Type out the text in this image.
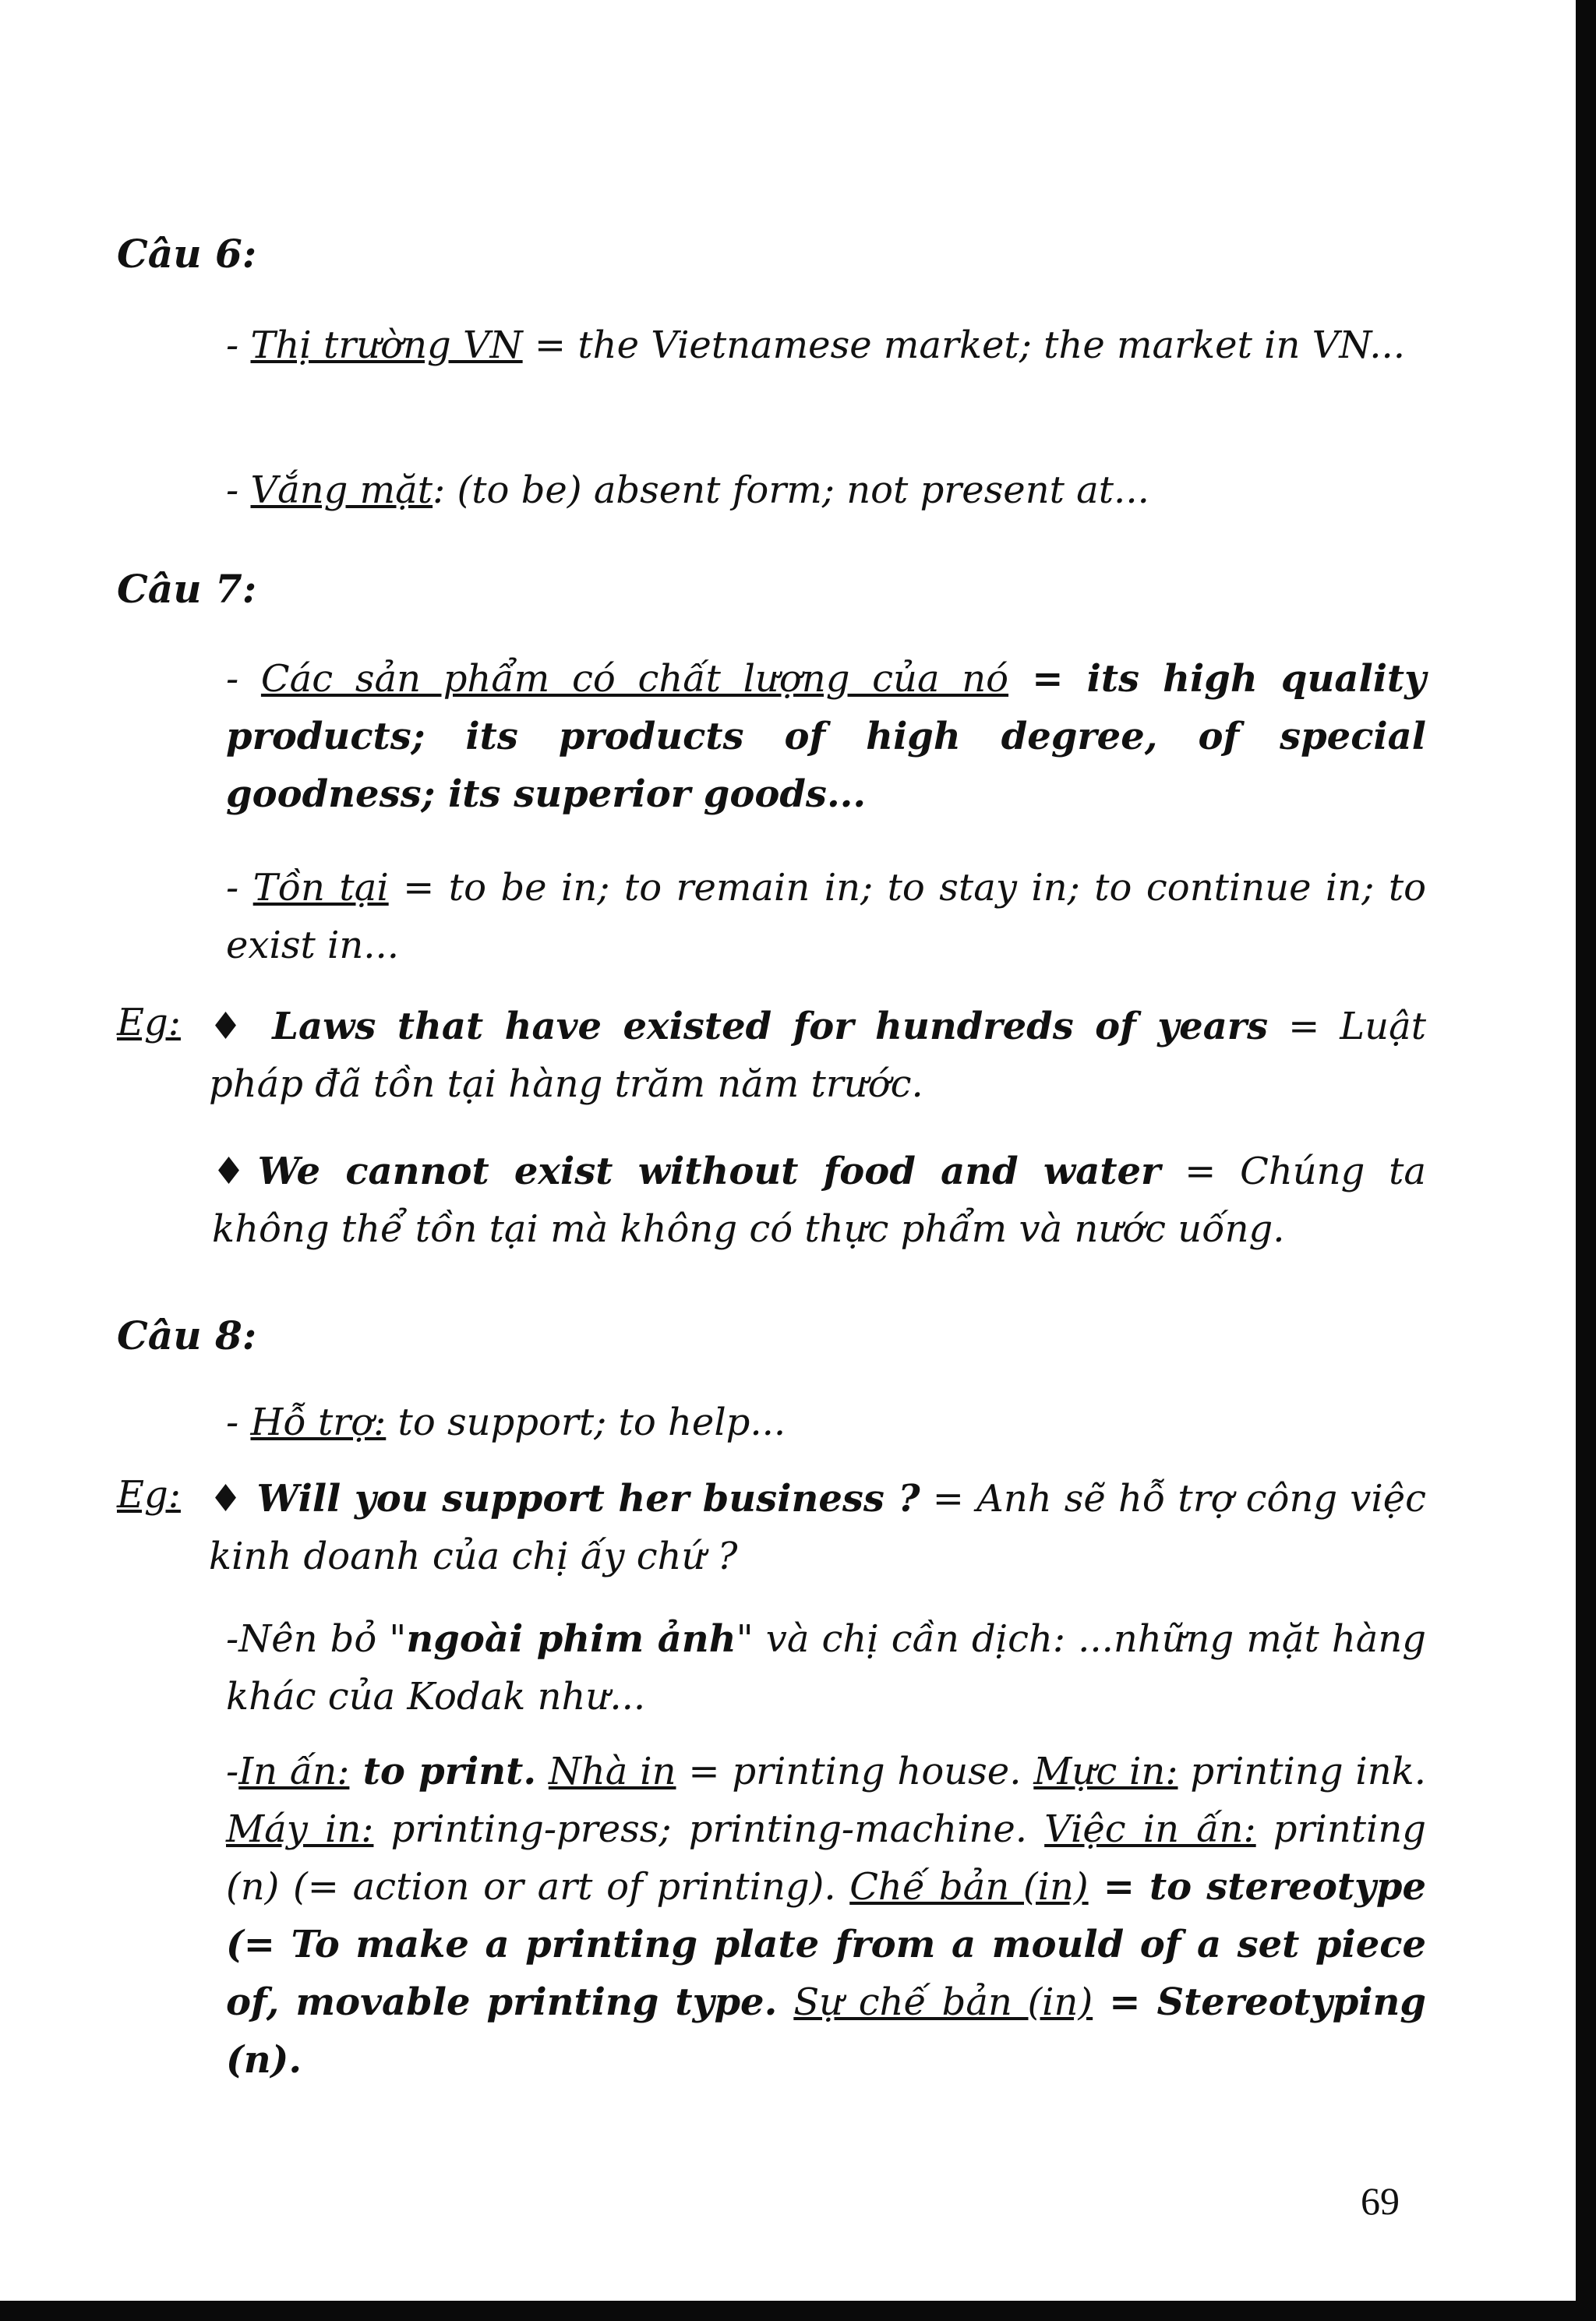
Câu 6:

- Thị trường VN = the Vietnamese market; the market in VN...

- Vắng mặt: (to be) absent form; not present at...

Câu 7:

- Các sản phẩm có chất lượng của nó = its high quality products; its products of high degree, of special goodness; its superior goods...

- Tồn tại = to be in; to remain in; to stay in; to continue in; to exist in...

Eg: ♦ Laws that have existed for hundreds of years = Luật pháp đã tồn tại hàng trăm năm trước.

♦We cannot exist without food and water = Chúng ta không thể tồn tại mà không có thực phẩm và nước uống.

Câu 8:

- Hỗ trợ: to support; to help...

Eg: ♦ Will you support her business ? = Anh sẽ hỗ trợ công việc kinh doanh của chị ấy chứ ?

-Nên bỏ "ngoài phim ảnh" và chị cần dịch: ...những mặt hàng khác của Kodak như...

-In ấn: to print. Nhà in = printing house. Mực in: printing ink. Máy in: printing-press; printing-machine. Việc in ấn: printing (n) (= action or art of printing). Chế bản (in) = to stereotype (= To make a printing plate from a mould of a set piece of, movable printing type. Sự chế bản (in) = Stereotyping (n).

69
